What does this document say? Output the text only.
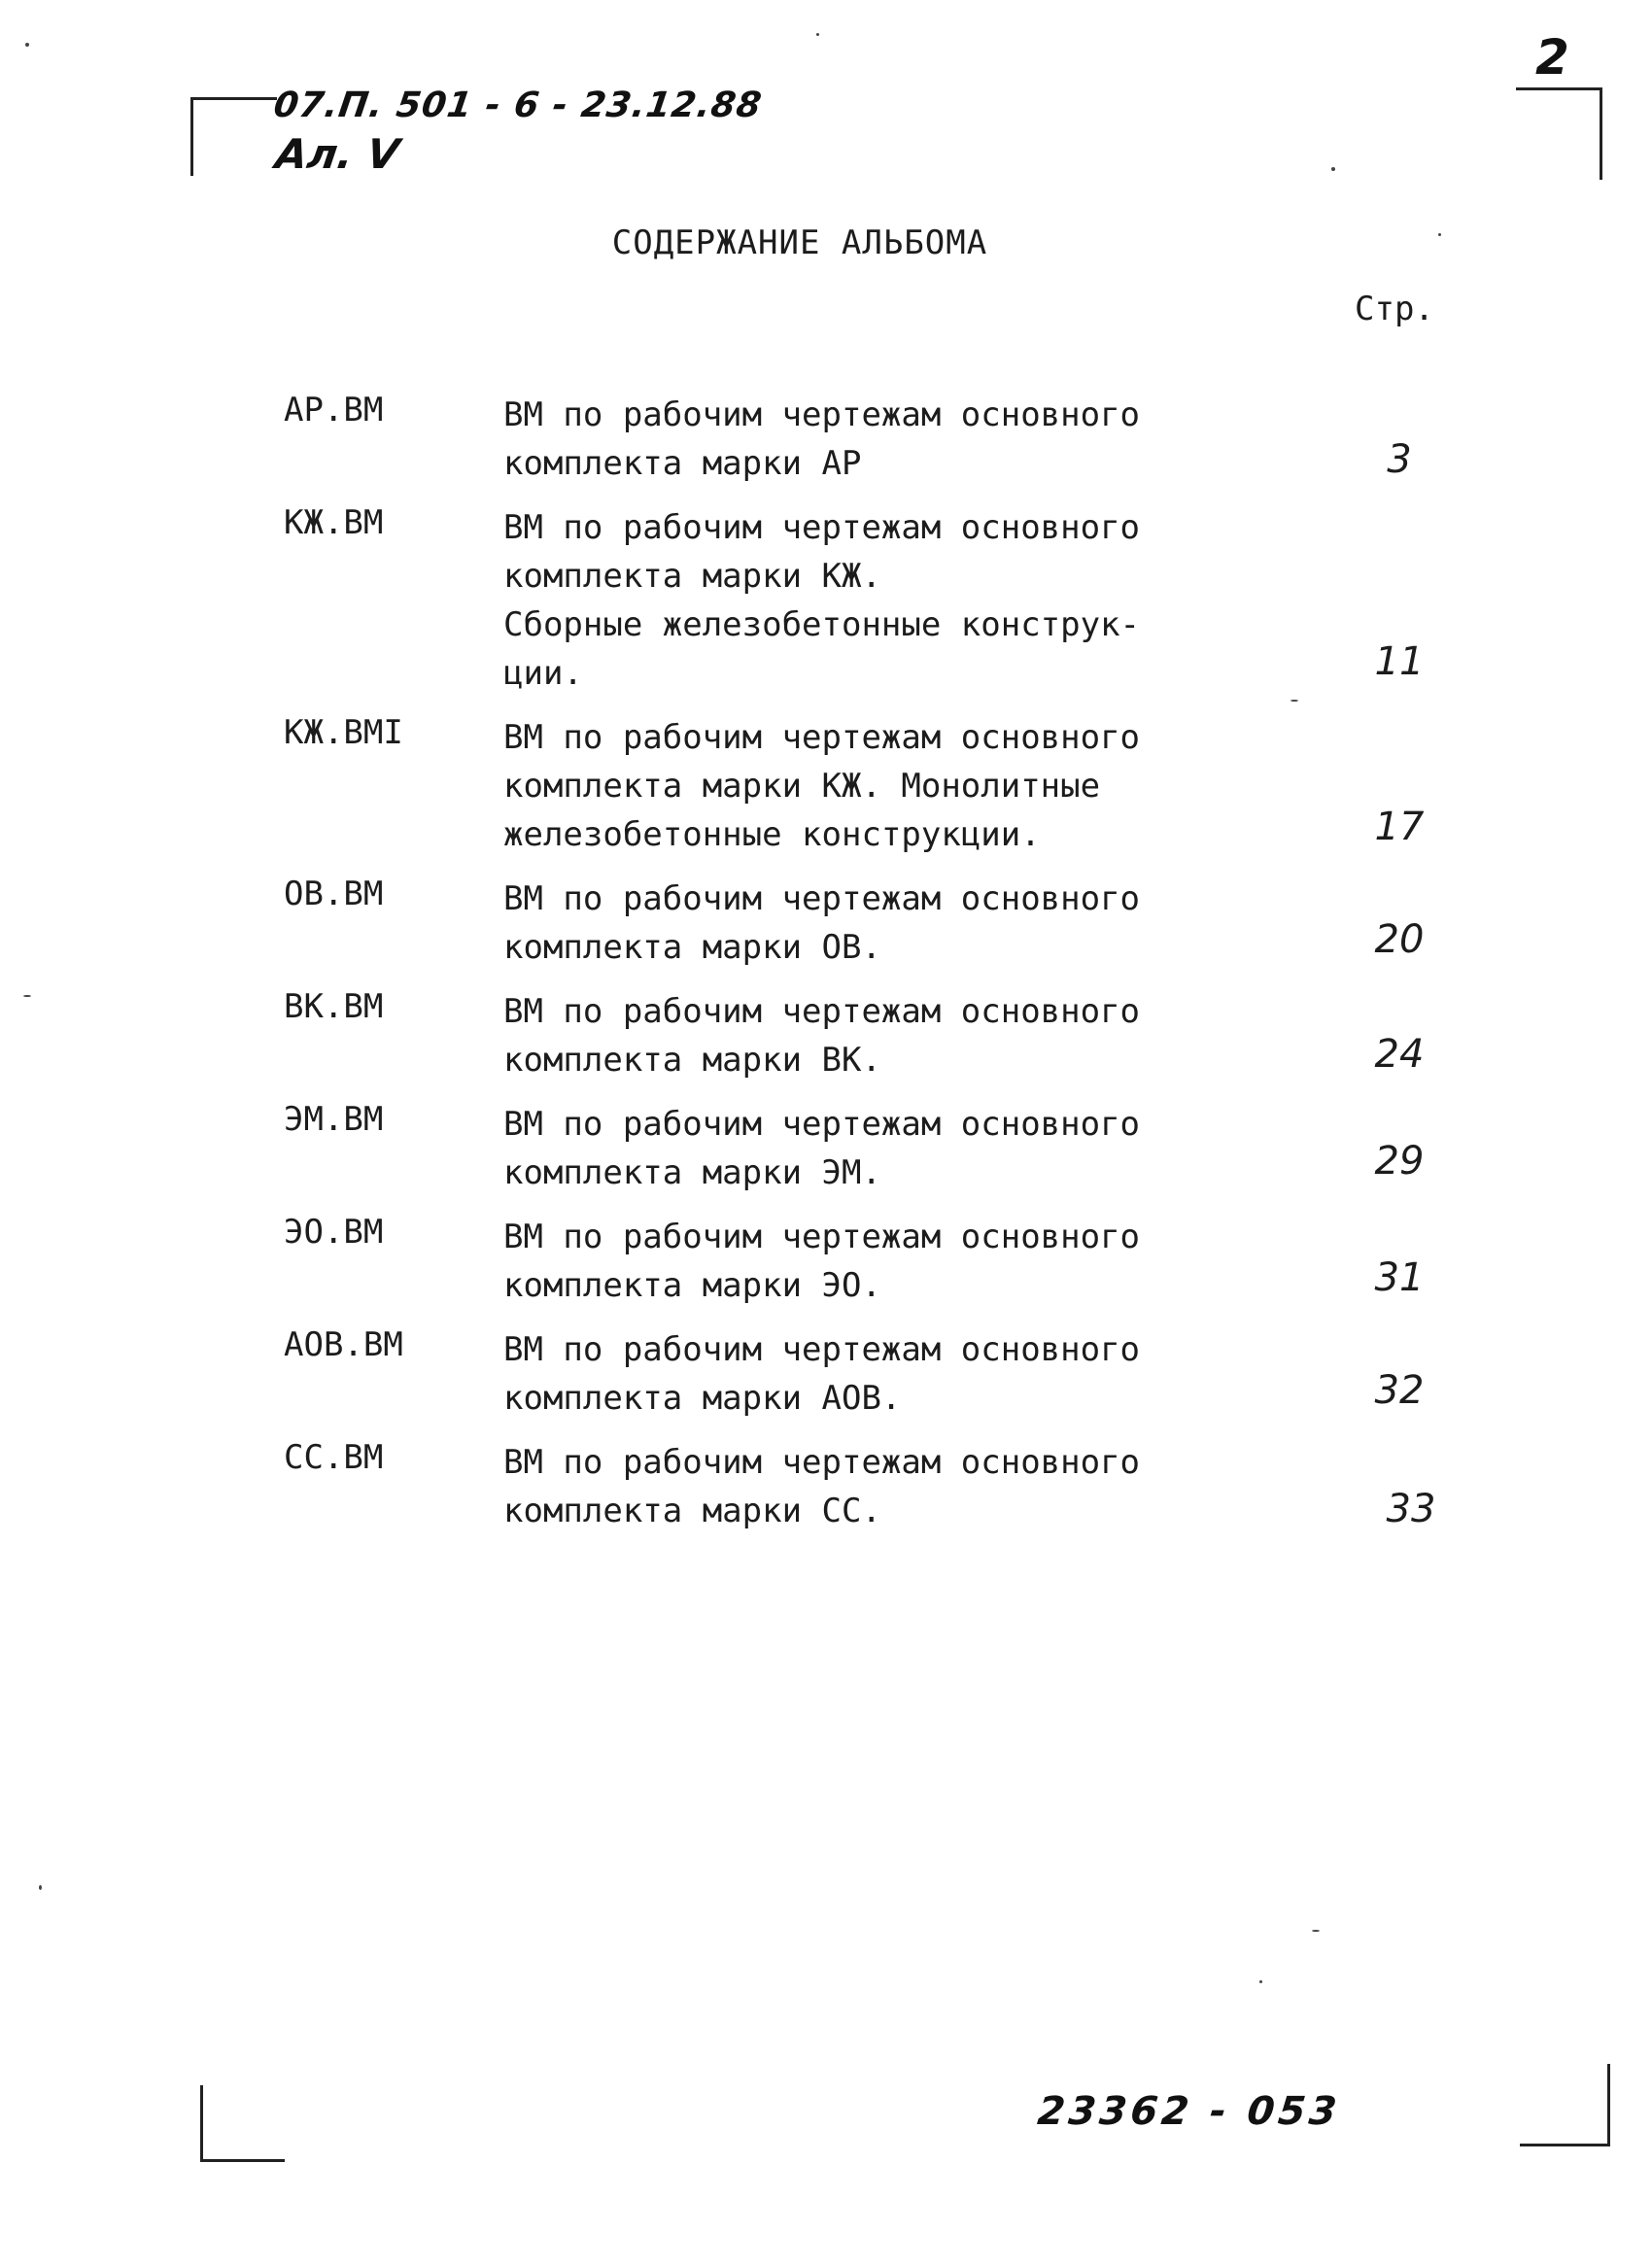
07.П. 501 - 6 - 23.12.88
Ал. V
2
23362 - 053
СОДЕРЖАНИЕ АЛЬБОМА
Стр.
АР.ВМ	ВМ по рабочим чертежам основного
комплекта марки АР	3
КЖ.ВМ	ВМ по рабочим чертежам основного
комплекта марки КЖ.
Сборные железобетонные конструк-
ции.	11
КЖ.ВМI	ВМ по рабочим чертежам основного
комплекта марки КЖ. Монолитные
железобетонные конструкции.	17
ОВ.ВМ	ВМ по рабочим чертежам основного
комплекта марки ОВ.	20
ВК.ВМ	ВМ по рабочим чертежам основного
комплекта марки ВК.	24
ЭМ.ВМ	ВМ по рабочим чертежам основного
комплекта марки ЭМ.	29
ЭО.ВМ	ВМ по рабочим чертежам основного
комплекта марки ЭО.	31
АОВ.ВМ	ВМ по рабочим чертежам основного
комплекта марки АОВ.	32
СС.ВМ	ВМ по рабочим чертежам основного
комплекта марки СС.	33
